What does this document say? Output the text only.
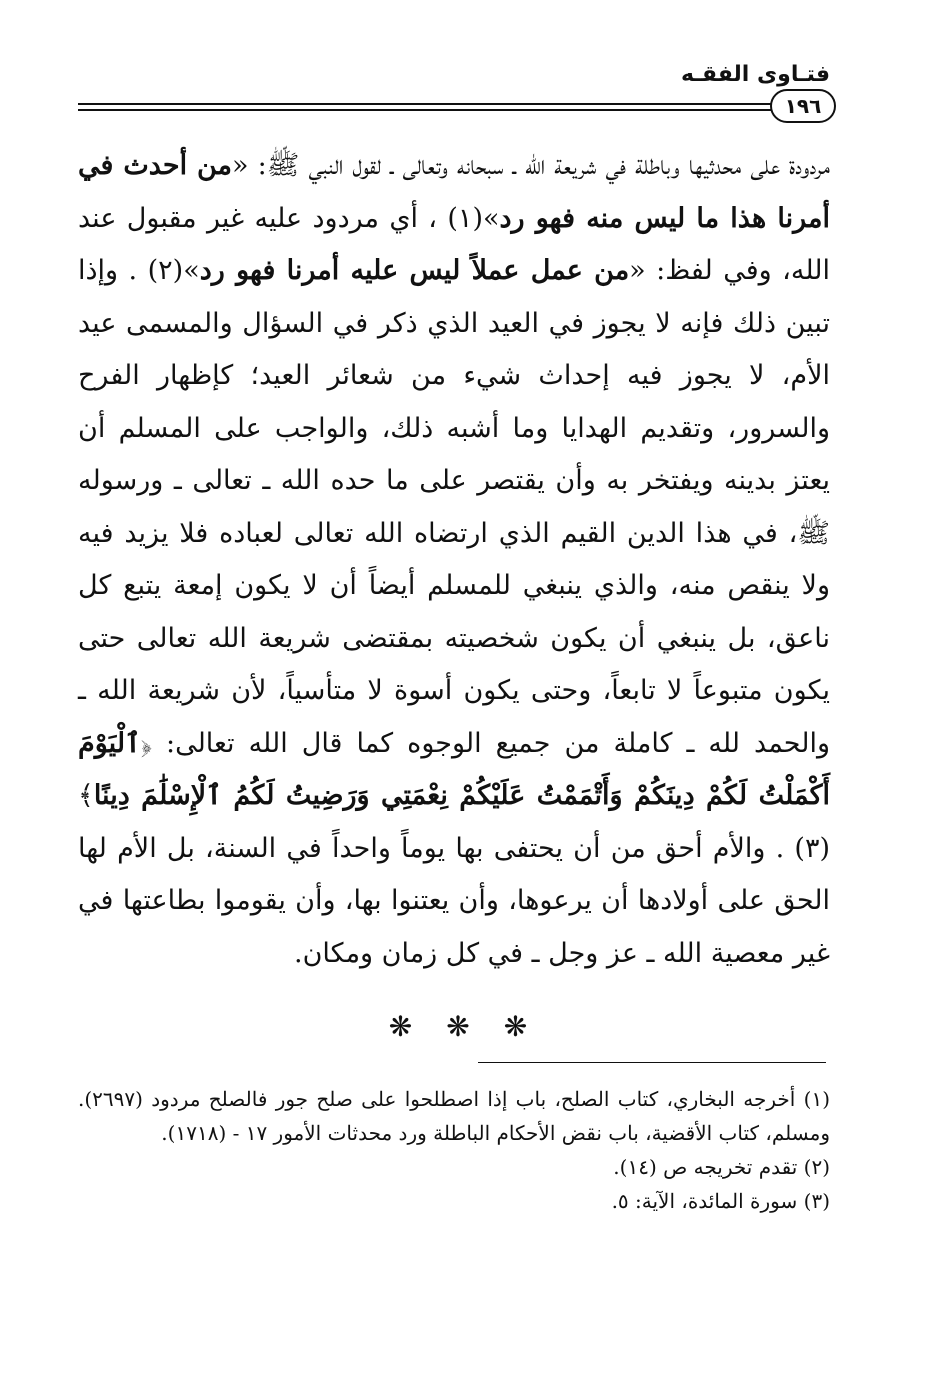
فتـاوى الفقـه
١٩٦
مردودة على محدثيها وباطلة في شريعة الله ـ سبحانه وتعالى ـ لقول النبي ﷺ: «من أحدث في أمرنا هذا ما ليس منه فهو رد»(١) ، أي مردود عليه غير مقبول عند الله، وفي لفظ: «من عمل عملاً ليس عليه أمرنا فهو رد»(٢) . وإذا تبين ذلك فإنه لا يجوز في العيد الذي ذكر في السؤال والمسمى عيد الأم، لا يجوز فيه إحداث شيء من شعائر العيد؛ كإظهار الفرح والسرور، وتقديم الهدايا وما أشبه ذلك، والواجب على المسلم أن يعتز بدينه ويفتخر به وأن يقتصر على ما حده الله ـ تعالى ـ ورسوله ﷺ، في هذا الدين القيم الذي ارتضاه الله تعالى لعباده فلا يزيد فيه ولا ينقص منه، والذي ينبغي للمسلم أيضاً أن لا يكون إمعة يتبع كل ناعق، بل ينبغي أن يكون شخصيته بمقتضى شريعة الله تعالى حتى يكون متبوعاً لا تابعاً، وحتى يكون أسوة لا متأسياً، لأن شريعة الله ـ والحمد لله ـ كاملة من جميع الوجوه كما قال الله تعالى: ﴿ٱلْيَوْمَ أَكْمَلْتُ لَكُمْ دِينَكُمْ وَأَتْمَمْتُ عَلَيْكُمْ نِعْمَتِي وَرَضِيتُ لَكُمُ ٱلْإِسْلَٰمَ دِينًا﴾(٣) . والأم أحق من أن يحتفى بها يوماً واحداً في السنة، بل الأم لها الحق على أولادها أن يرعوها، وأن يعتنوا بها، وأن يقوموا بطاعتها في غير معصية الله ـ عز وجل ـ في كل زمان ومكان.
❋❋❋

(١) أخرجه البخاري، كتاب الصلح، باب إذا اصطلحوا على صلح جور فالصلح مردود (٢٦٩٧). ومسلم، كتاب الأقضية، باب نقض الأحكام الباطلة ورد محدثات الأمور ١٧ - (١٧١٨).

(٢) تقدم تخريجه ص (١٤).

(٣) سورة المائدة، الآية: ٥.
